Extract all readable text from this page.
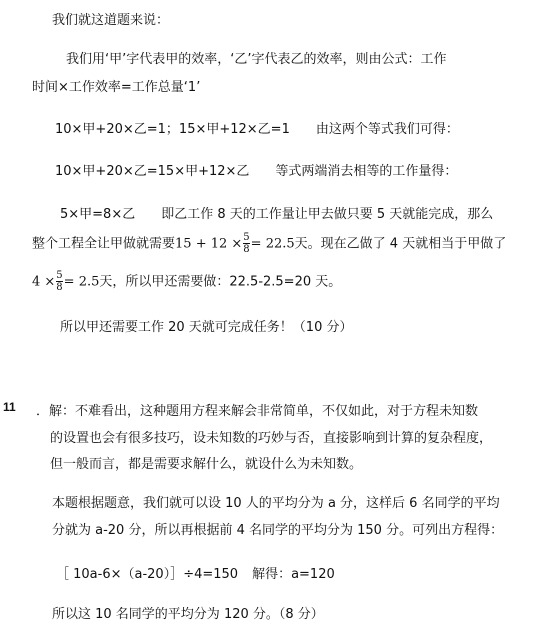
我们就这道题来说：
我们用‘甲’字代表甲的效率，‘乙’字代表乙的效率，则由公式：工作
时间×工作效率=工作总量‘1’
10×甲+20×乙=1；15×甲+12×乙=1 由这两个等式我们可得：
10×甲+20×乙=15×甲+12×乙 等式两端消去相等的工作量得：
5×甲=8×乙 即乙工作 8 天的工作量让甲去做只要 5 天就能完成，那么
整个工程全让甲做就需要$15 + 12 \times \frac{5}{8} = 22.5$天。现在乙做了 4 天就相当于甲做了
$4 \times \frac{5}{8} = 2.5$天，所以甲还需要做：22.5-2.5=20 天。
所以甲还需要工作 20 天就可完成任务！（10 分）
11 ．解：不难看出，这种题用方程来解会非常简单，不仅如此，对于方程未知数
的设置也会有很多技巧，设未知数的巧妙与否，直接影响到计算的复杂程度，
但一般而言，都是需要求解什么，就设什么为未知数。
本题根据题意，我们就可以设 10 人的平均分为 a 分，这样后 6 名同学的平均
分就为 a-20 分，所以再根据前 4 名同学的平均分为 150 分。可列出方程得：
［ 10a-6×（a-20）］÷4=150 解得：a=120
所以这 10 名同学的平均分为 120 分。（8 分）
